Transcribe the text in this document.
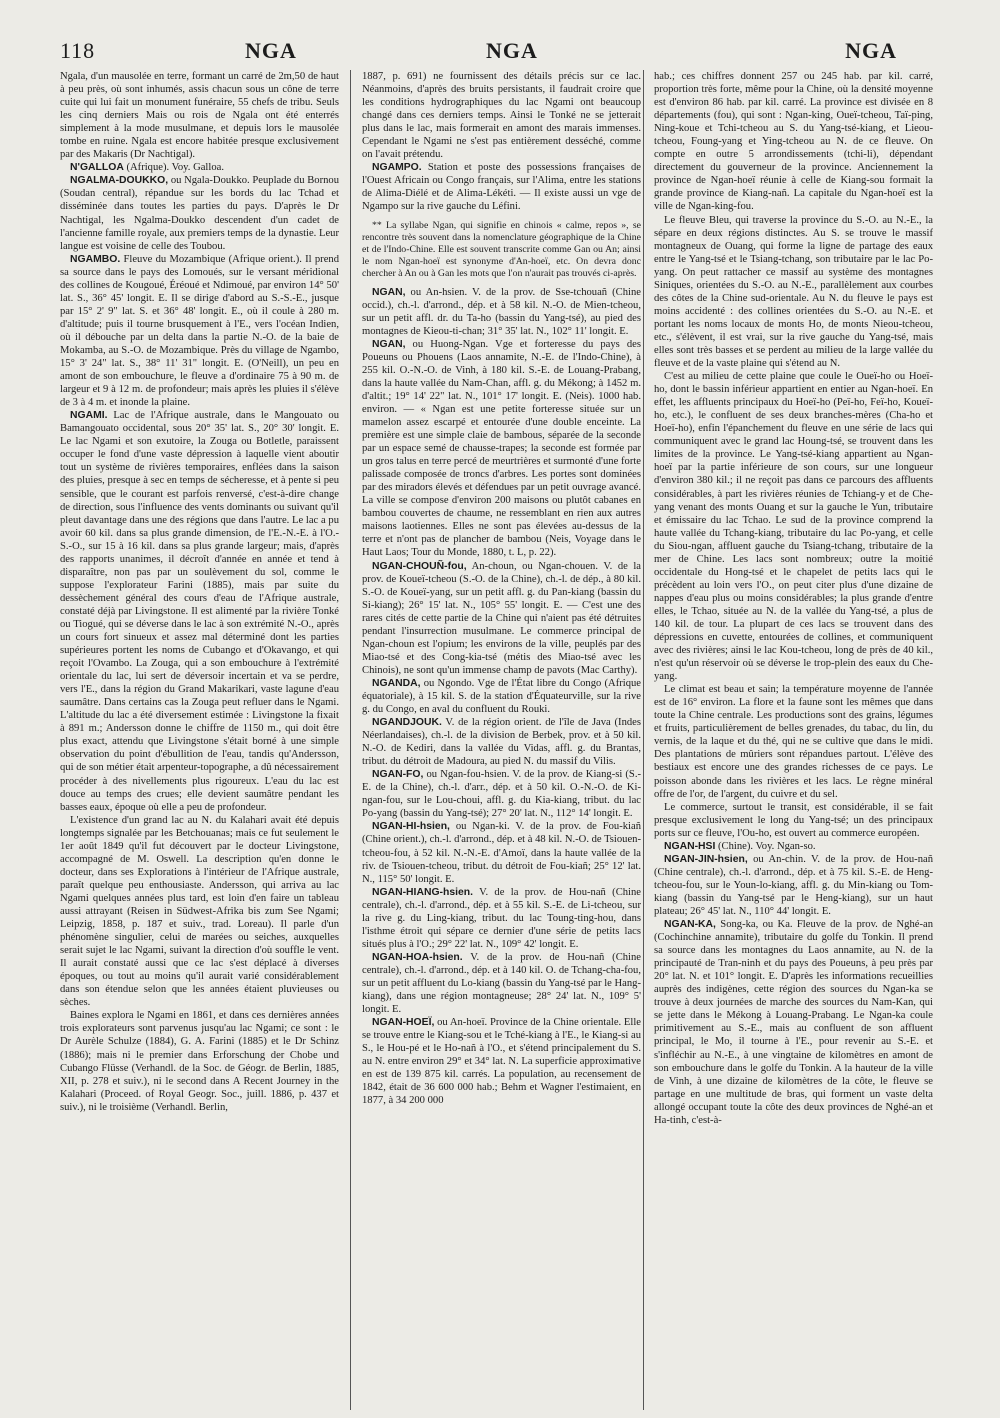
118	NGA	NGA	NGA

Ngala, d'un mausolée en terre, formant un carré de 2m,50 de haut à peu près, où sont inhumés, assis chacun sous un cône de terre cuite qui lui fait un monument funéraire, 55 chefs de tribu. Seuls les cinq derniers Mais ou rois de Ngala ont été enterrés simplement à la mode musulmane, et depuis lors le mausolée tombe en ruine. Ngala est encore habitée presque exclusivement par des Makaris (Dr Nachtigal).

N'GALLOA (Afrique). Voy. Galloa.

NGALMA-DOUKKO, ou Ngala-Doukko. Peuplade du Bornou (Soudan central), répandue sur les bords du lac Tchad et disséminée dans toutes les parties du pays. D'après le Dr Nachtigal, les Ngalma-Doukko descendent d'un cadet de l'ancienne famille royale, aux premiers temps de la dynastie. Leur langue est voisine de celle des Toubou.

NGAMBO. Fleuve du Mozambique (Afrique orient.). Il prend sa source dans le pays des Lomoués, sur le versant méridional des collines de Kougoué, Éréoué et Ndimoué, par environ 14° 50' lat. S., 36° 45' longit. E. Il se dirige d'abord au S.-S.-E., jusque par 15° 2' 9" lat. S. et 36° 48' longit. E., où il coule à 280 m. d'altitude; puis il tourne brusquement à l'E., vers l'océan Indien, où il débouche par un delta dans la partie N.-O. de la baie de Mokamba, au S.-O. de Mozambique. Près du village de Ngambo, 15° 3' 24" lat. S., 38° 11' 31" longit. E. (O'Neill), un peu en amont de son embouchure, le fleuve a d'ordinaire 75 à 90 m. de largeur et 9 à 12 m. de profondeur; mais après les pluies il s'élève de 3 à 4 m. et inonde la plaine.

NGAMI. Lac de l'Afrique australe, dans le Mangouato ou Bamangouato occidental, sous 20° 35' lat. S., 20° 30' longit. E. Le lac Ngami et son exutoire, la Zouga ou Botletle, paraissent occuper le fond d'une vaste dépression à laquelle vient aboutir tout un système de rivières temporaires, enflées dans la saison des pluies, presque à sec en temps de sécheresse, et à pente si peu sensible, que le courant est parfois renversé, c'est-à-dire change de direction, sous l'influence des vents dominants ou suivant qu'il pleut davantage dans une des régions que dans l'autre. Le lac a pu avoir 60 kil. dans sa plus grande dimension, de l'E.-N.-E. à l'O.-S.-O., sur 15 à 16 kil. dans sa plus grande largeur; mais, d'après des rapports unanimes, il décroît d'année en année et tend à disparaître, non pas par un soulèvement du sol, comme le suppose l'explorateur Farini (1885), mais par suite du dessèchement général des cours d'eau de l'Afrique australe, constaté déjà par Livingstone. Il est alimenté par la rivière Tonké ou Tiogué, qui se déverse dans le lac à son extrémité N.-O., après un cours fort sinueux et assez mal déterminé dont les parties supérieures portent les noms de Cubango et d'Okavango, et qui reçoit l'Ovambo. La Zouga, qui a son embouchure à l'extrémité orientale du lac, lui sert de déversoir incertain et va se perdre, vers l'E., dans la région du Grand Makarikari, vaste lagune d'eau saumâtre. Dans certains cas la Zouga peut refluer dans le Ngami. L'altitude du lac a été diversement estimée : Livingstone la fixait à 891 m.; Andersson donne le chiffre de 1150 m., qui doit être plus exact, attendu que Livingstone s'était borné à une simple observation du point d'ébullition de l'eau, tandis qu'Andersson, qui de son métier était arpenteur-topographe, a dû nécessairement procéder à des nivellements plus rigoureux. L'eau du lac est douce au temps des crues; elle devient saumâtre pendant les basses eaux, époque où elle a peu de profondeur.

L'existence d'un grand lac au N. du Kalahari avait été depuis longtemps signalée par les Betchouanas; mais ce fut seulement le 1er août 1849 qu'il fut découvert par le docteur Livingstone, accompagné de M. Oswell. La description qu'en donne le docteur, dans ses Explorations à l'intérieur de l'Afrique australe, paraît quelque peu enthousiaste. Andersson, qui arriva au lac Ngami quelques années plus tard, est loin d'en faire un tableau aussi attrayant (Reisen in Südwest-Afrika bis zum See Ngami; Leipzig, 1858, p. 187 et suiv., trad. Loreau). Il parle d'un phénomène singulier, celui de marées ou seiches, auxquelles serait sujet le lac Ngami, suivant la direction d'où souffle le vent. Il aurait constaté aussi que ce lac s'est déplacé à diverses époques, ou tout au moins qu'il aurait varié considérablement dans son étendue selon que les années étaient pluvieuses ou sèches.

Baines explora le Ngami en 1861, et dans ces dernières années trois explorateurs sont parvenus jusqu'au lac Ngami; ce sont : le Dr Aurèle Schulze (1884), G. A. Farini (1885) et le Dr Schinz (1886); mais ni le premier dans Erforschung der Chobe und Cubango Flüsse (Verhandl. de la Soc. de Géogr. de Berlin, 1885, XII, p. 278 et suiv.), ni le second dans A Recent Journey in the Kalahari (Proceed. of Royal Geogr. Soc., juill. 1886, p. 437 et suiv.), ni le troisième (Verhandl. Berlin,

1887, p. 691) ne fournissent des détails précis sur ce lac. Néanmoins, d'après des bruits persistants, il faudrait croire que les conditions hydrographiques du lac Ngami ont beaucoup changé dans ces derniers temps. Ainsi le Tonké ne se jetterait plus dans le lac, mais formerait en amont des marais immenses. Cependant le Ngami ne s'est pas entièrement desséché, comme on l'avait prétendu.

NGAMPO. Station et poste des possessions françaises de l'Ouest Africain ou Congo français, sur l'Alima, entre les stations de Alima-Diélé et de Alima-Lékéti. — Il existe aussi un vge de Ngampo sur la rive gauche du Léfini.

** La syllabe Ngan, qui signifie en chinois « calme, repos », se rencontre très souvent dans la nomenclature géographique de la Chine et de l'Indo-Chine. Elle est souvent transcrite comme Gan ou An; ainsi le nom Ngan-hoeï est synonyme d'An-hoeï, etc. On devra donc chercher à An ou à Gan les mots que l'on n'aurait pas trouvés ci-après.

NGAN, ou An-hsien. V. de la prov. de Sse-tchouañ (Chine occid.), ch.-l. d'arrond., dép. et à 58 kil. N.-O. de Mien-tcheou, sur un petit affl. dr. du Ta-ho (bassin du Yang-tsé), au pied des montagnes de Kieou-ti-chan; 31° 35' lat. N., 102° 11' longit. E.

NGAN, ou Huong-Ngan. Vge et forteresse du pays des Poueuns ou Phouens (Laos annamite, N.-E. de l'Indo-Chine), à 255 kil. O.-N.-O. de Vinh, à 180 kil. S.-E. de Louang-Prabang, dans la haute vallée du Nam-Chan, affl. g. du Mékong; à 1452 m. d'altit.; 19° 14' 22" lat. N., 101° 17' longit. E. (Neis). 1000 hab. environ. — « Ngan est une petite forteresse située sur un mamelon assez escarpé et entourée d'une double enceinte. La première est une simple claie de bambous, séparée de la seconde par un espace semé de chausse-trapes; la seconde est formée par un gros talus en terre percé de meurtrières et surmonté d'une forte palissade composée de troncs d'arbres. Les portes sont dominées par des miradors élevés et défendues par un petit ouvrage avancé. La ville se compose d'environ 200 maisons ou plutôt cabanes en bambou couvertes de chaume, ne ressemblant en rien aux autres maisons laotiennes. Elles ne sont pas élevées au-dessus de la terre et n'ont pas de plancher de bambou (Neis, Voyage dans le Haut Laos; Tour du Monde, 1880, t. L, p. 22).

NGAN-CHOUÑ-fou, An-choun, ou Ngan-chouen. V. de la prov. de Koueï-tcheou (S.-O. de la Chine), ch.-l. de dép., à 80 kil. S.-O. de Koueï-yang, sur un petit affl. g. du Pan-kiang (bassin du Si-kiang); 26° 15' lat. N., 105° 55' longit. E. — C'est une des rares cités de cette partie de la Chine qui n'aient pas été détruites pendant l'insurrection musulmane. Le commerce principal de Ngan-choun est l'opium; les environs de la ville, peuplés par des Miao-tsé et des Cong-kia-tsé (métis des Miao-tsé avec les Chinois), ne sont qu'un immense champ de pavots (Mac Carthy).

NGANDA, ou Ngondo. Vge de l'État libre du Congo (Afrique équatoriale), à 15 kil. S. de la station d'Équateurville, sur la rive g. du Congo, en aval du confluent du Rouki.

NGANDJOUK. V. de la région orient. de l'île de Java (Indes Néerlandaises), ch.-l. de la division de Berbek, prov. et à 50 kil. N.-O. de Kediri, dans la vallée du Vidas, affl. g. du Brantas, tribut. du détroit de Madoura, au pied N. du massif du Vilis.

NGAN-FO, ou Ngan-fou-hsien. V. de la prov. de Kiang-si (S.-E. de la Chine), ch.-l. d'arr., dép. et à 50 kil. O.-N.-O. de Ki-ngan-fou, sur le Lou-choui, affl. g. du Kia-kiang, tribut. du lac Po-yang (bassin du Yang-tsé); 27° 20' lat. N., 112° 14' longit. E.

NGAN-HI-hsien, ou Ngan-ki. V. de la prov. de Fou-kiañ (Chine orient.), ch.-l. d'arrond., dép. et à 48 kil. N.-O. de Tsiouen-tcheou-fou, à 52 kil. N.-N.-E. d'Amoï, dans la haute vallée de la riv. de Tsiouen-tcheou, tribut. du détroit de Fou-kiañ; 25° 12' lat. N., 115° 50' longit. E.

NGAN-HIANG-hsien. V. de la prov. de Hou-nañ (Chine centrale), ch.-l. d'arrond., dép. et à 55 kil. S.-E. de Li-tcheou, sur la rive g. du Ling-kiang, tribut. du lac Toung-ting-hou, dans l'isthme étroit qui sépare ce dernier d'une série de petits lacs situés plus à l'O.; 29° 22' lat. N., 109° 42' longit. E.

NGAN-HOA-hsien. V. de la prov. de Hou-nañ (Chine centrale), ch.-l. d'arrond., dép. et à 140 kil. O. de Tchang-cha-fou, sur un petit affluent du Lo-kiang (bassin du Yang-tsé par le Hang-kiang), dans une région montagneuse; 28° 24' lat. N., 109° 5' longit. E.

NGAN-HOEÏ, ou An-hoeï. Province de la Chine orientale. Elle se trouve entre le Kiang-sou et le Tché-kiang à l'E., le Kiang-si au S., le Hou-pé et le Ho-nañ à l'O., et s'étend principalement du S. au N. entre environ 29° et 34° lat. N. La superficie approximative en est de 139 875 kil. carrés. La population, au recensement de 1842, était de 36 600 000 hab.; Behm et Wagner l'estimaient, en 1877, à 34 200 000

hab.; ces chiffres donnent 257 ou 245 hab. par kil. carré, proportion très forte, même pour la Chine, où la densité moyenne est d'environ 86 hab. par kil. carré. La province est divisée en 8 départements (fou), qui sont : Ngan-king, Oueï-tcheou, Taï-ping, Ning-koue et Tchi-tcheou au S. du Yang-tsé-kiang, et Lieou-tcheou, Foung-yang et Ying-tcheou au N. de ce fleuve. On compte en outre 5 arrondissements (tchi-li), dépendant directement du gouverneur de la province. Anciennement la province de Ngan-hoeï réunie à celle de Kiang-sou formait la grande province de Kiang-nañ. La capitale du Ngan-hoeï est la ville de Ngan-king-fou.

Le fleuve Bleu, qui traverse la province du S.-O. au N.-E., la sépare en deux régions distinctes. Au S. se trouve le massif montagneux de Ouang, qui forme la ligne de partage des eaux entre le Yang-tsé et le Tsiang-tchang, son tributaire par le lac Po-yang. On peut rattacher ce massif au système des montagnes Siniques, orientées du S.-O. au N.-E., parallèlement aux courbes des côtes de la Chine sud-orientale. Au N. du fleuve le pays est moins accidenté : des collines orientées du S.-O. au N.-E. et portant les noms locaux de monts Ho, de monts Nieou-tcheou, etc., s'élèvent, il est vrai, sur la rive gauche du Yang-tsé, mais elles sont très basses et se perdent au milieu de la large vallée du fleuve et de la vaste plaine qui s'étend au N.

C'est au milieu de cette plaine que coule le Oueï-ho ou Hoeï-ho, dont le bassin inférieur appartient en entier au Ngan-hoeï. En effet, les affluents principaux du Hoeï-ho (Peï-ho, Feï-ho, Koueï-ho, etc.), le confluent de ses deux branches-mères (Cha-ho et Hoeï-ho), enfin l'épanchement du fleuve en une série de lacs qui communiquent avec le grand lac Houng-tsé, se trouvent dans les limites de la province. Le Yang-tsé-kiang appartient au Ngan-hoeï par la partie inférieure de son cours, sur une longueur d'environ 380 kil.; il ne reçoit pas dans ce parcours des affluents considérables, à part les rivières réunies de Tchiang-y et de Che-yang venant des monts Ouang et sur la gauche le Yun, tributaire et émissaire du lac Tchao. Le sud de la province comprend la haute vallée du Tchang-kiang, tributaire du lac Po-yang, et celle du Siou-ngan, affluent gauche du Tsiang-tchang, tributaire de la mer de Chine. Les lacs sont nombreux; outre la moitié occidentale du Hong-tsé et le chapelet de petits lacs qui le précèdent au loin vers l'O., on peut citer plus d'une dizaine de nappes d'eau plus ou moins considérables; la plus grande d'entre elles, le Tchao, située au N. de la vallée du Yang-tsé, a plus de 140 kil. de tour. La plupart de ces lacs se trouvent dans des dépressions en cuvette, entourées de collines, et communiquent avec des rivières; ainsi le lac Kou-tcheou, long de près de 40 kil., n'est qu'un réservoir où se déverse le trop-plein des eaux du Che-yang.

Le climat est beau et sain; la température moyenne de l'année est de 16° environ. La flore et la faune sont les mêmes que dans toute la Chine centrale. Les productions sont des grains, légumes et fruits, particulièrement de belles grenades, du tabac, du lin, du vernis, de la laque et du thé, qui ne se cultive que dans le midi. Des plantations de mûriers sont répandues partout. L'élève des bestiaux est encore une des grandes richesses de ce pays. Le poisson abonde dans les rivières et les lacs. Le règne minéral offre de l'or, de l'argent, du cuivre et du sel.

Le commerce, surtout le transit, est considérable, il se fait presque exclusivement le long du Yang-tsé; un des principaux ports sur ce fleuve, l'Ou-ho, est ouvert au commerce européen.

NGAN-HSI (Chine). Voy. Ngan-so.

NGAN-JIN-hsien, ou An-chin. V. de la prov. de Hou-nañ (Chine centrale), ch.-l. d'arrond., dép. et à 75 kil. S.-E. de Heng-tcheou-fou, sur le Youn-lo-kiang, affl. g. du Min-kiang ou Tom-kiang (bassin du Yang-tsé par le Heng-kiang), sur un haut plateau; 26° 45' lat. N., 110° 44' longit. E.

NGAN-KA, Song-ka, ou Ka. Fleuve de la prov. de Nghé-an (Cochinchine annamite), tributaire du golfe du Tonkin. Il prend sa source dans les montagnes du Laos annamite, au N. de la principauté de Tran-ninh et du pays des Poueuns, à peu près par 20° lat. N. et 101° longit. E. D'après les informations recueillies auprès des indigènes, cette région des sources du Ngan-ka se trouve à deux journées de marche des sources du Nam-Kan, qui se jette dans le Mékong à Louang-Prabang. Le Ngan-ka coule primitivement au S.-E., mais au confluent de son affluent principal, le Mo, il tourne à l'E., pour revenir au S.-E. et s'infléchir au N.-E., à une vingtaine de kilomètres en amont de son embouchure dans le golfe du Tonkin. A la hauteur de la ville de Vinh, à une dizaine de kilomètres de la côte, le fleuve se partage en une multitude de bras, qui forment un vaste delta allongé occupant toute la côte des deux provinces de Nghé-an et Ha-tinh, c'est-à-
